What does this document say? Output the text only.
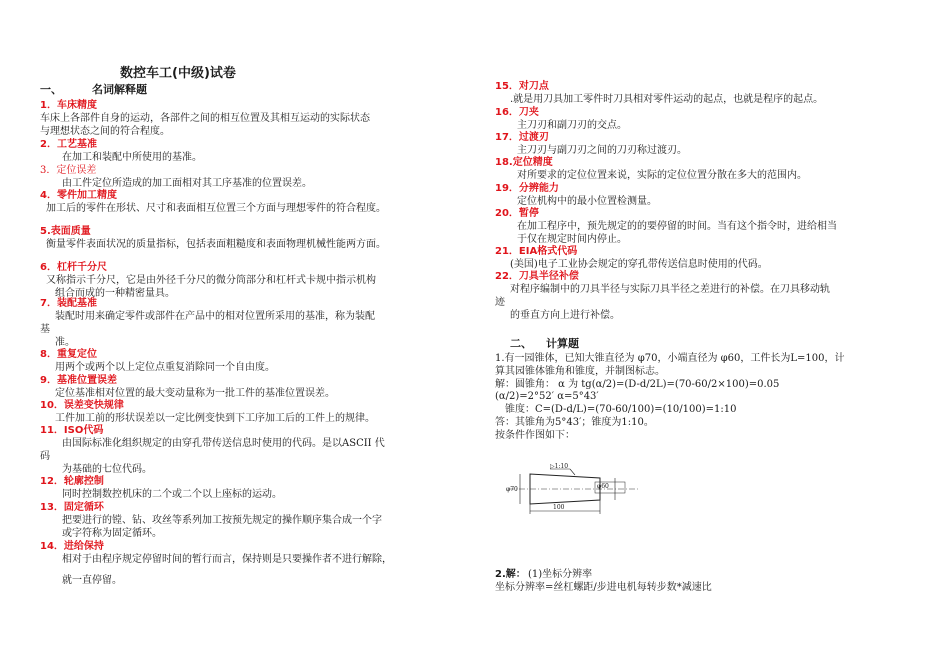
数控车工(中级)试卷
一、	名词解释题
1．车床精度
车床上各部件自身的运动，各部件之间的相互位置及其相互运动的实际状态
与理想状态之间的符合程度。
2．工艺基准
在加工和装配中所使用的基准。
3．定位误差
由工件定位所造成的加工面相对其工序基准的位置误差。
4．零件加工精度
加工后的零件在形状、尺寸和表面相互位置三个方面与理想零件的符合程度。
5.表面质量
衡量零件表面状况的质量指标，包括表面粗糙度和表面物理机械性能两方面。
6．杠杆千分尺
又称指示千分尺，它是由外径千分尺的微分筒部分和杠杆式卡规中指示机构
组合而成的一种精密量具。
7．装配基准
装配时用来确定零件或部件在产品中的相对位置所采用的基准，称为装配
基
准。
8．重复定位
用两个或两个以上定位点重复消除同一个自由度。
9．基准位置误差
定位基准相对位置的最大变动量称为一批工件的基准位置误差。
10．误差变快规律
工件加工前的形状误差以一定比例变快到下工序加工后的工件上的规律。
11．ISO代码
由国际标准化组织规定的由穿孔带传送信息时使用的代码。是以ASCII 代
码
为基础的七位代码。
12．轮廓控制
同时控制数控机床的二个或二个以上座标的运动。
13．固定循环
把要进行的镗、钻、攻丝等系列加工按预先规定的操作顺序集合成一个字
或字符称为固定循环。
14．进给保持
相对于由程序规定停留时间的暂行而言，保持则是只要操作者不进行解除，
就一直停留。
15．对刀点
.就是用刀具加工零件时刀具相对零件运动的起点，也就是程序的起点。
16．刀夹
主刀刃和副刀刃的交点。
17．过渡刃
主刀刃与副刀刃之间的刀刃称过渡刃。
18.定位精度
对所要求的定位位置来说，实际的定位位置分散在多大的范围内。
19．分辨能力
定位机构中的最小位置检测量。
20．暂停
在加工程序中，预先规定的的要停留的时间。当有这个指令时，进给相当
于仅在规定时间内停止。
21．EIA格式代码
(美国)电子工业协会规定的穿孔带传送信息时使用的代码。
22．刀具半径补偿
对程序编制中的刀具半径与实际刀具半径之差进行的补偿。在刀具移动轨
迹
的垂直方向上进行补偿。
二、 计算题
1.有一园锥体，已知大锥直径为 φ70，小端直径为 φ60，工件长为L=100，计
算其园锥体锥角和锥度，并制图标志。
解：圆锥角： α 为 tg(α/2)=(D-d/2L)=(70-60/2×100)=0.05
(α/2)=2°52′ α=5°43′
锥度：C=(D-d/L)=(70-60/100)=(10/100)=1:10
答：其锥角为5°43′；锥度为1:10。
按条件作图如下：
▷1:10
φ70	φ60
100
2.解： (1)坐标分辨率
坐标分辨率=丝杠螺距/步进电机每转步数*减速比
